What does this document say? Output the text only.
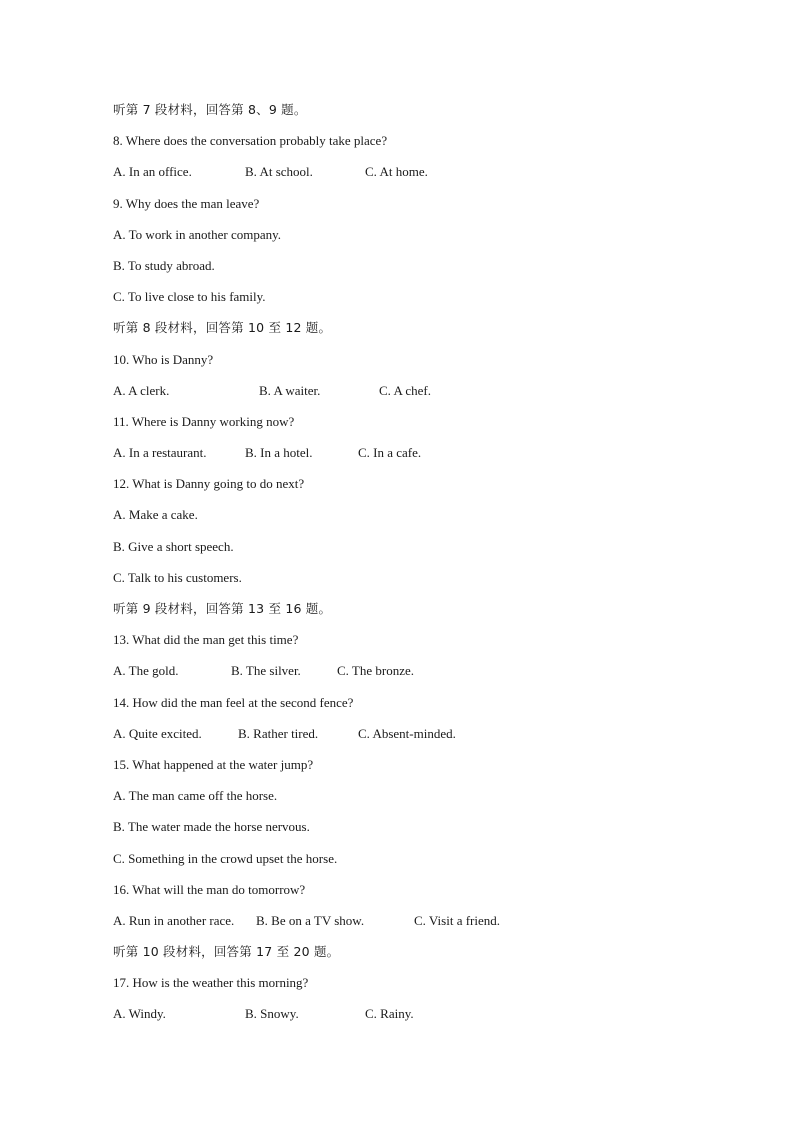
听第 7 段材料，回答第 8、9 题。
8. Where does the conversation probably take place?
A. In an office.	B. At school.	C. At home.
9. Why does the man leave?
A. To work in another company.
B. To study abroad.
C. To live close to his family.
听第 8 段材料，回答第 10 至 12 题。
10. Who is Danny?
A. A clerk.	B. A waiter.	C. A chef.
11. Where is Danny working now?
A. In a restaurant.	B. In a hotel.	C. In a cafe.
12. What is Danny going to do next?
A. Make a cake.
B. Give a short speech.
C. Talk to his customers.
听第 9 段材料，回答第 13 至 16 题。
13. What did the man get this time?
A. The gold.	B. The silver.	C. The bronze.
14. How did the man feel at the second fence?
A. Quite excited.	B. Rather tired.	C. Absent-minded.
15. What happened at the water jump?
A. The man came off the horse.
B. The water made the horse nervous.
C. Something in the crowd upset the horse.
16. What will the man do tomorrow?
A. Run in another race. B. Be on a TV show.	C. Visit a friend.
听第 10 段材料，回答第 17 至 20 题。
17. How is the weather this morning?
A. Windy.	B. Snowy.	C. Rainy.
